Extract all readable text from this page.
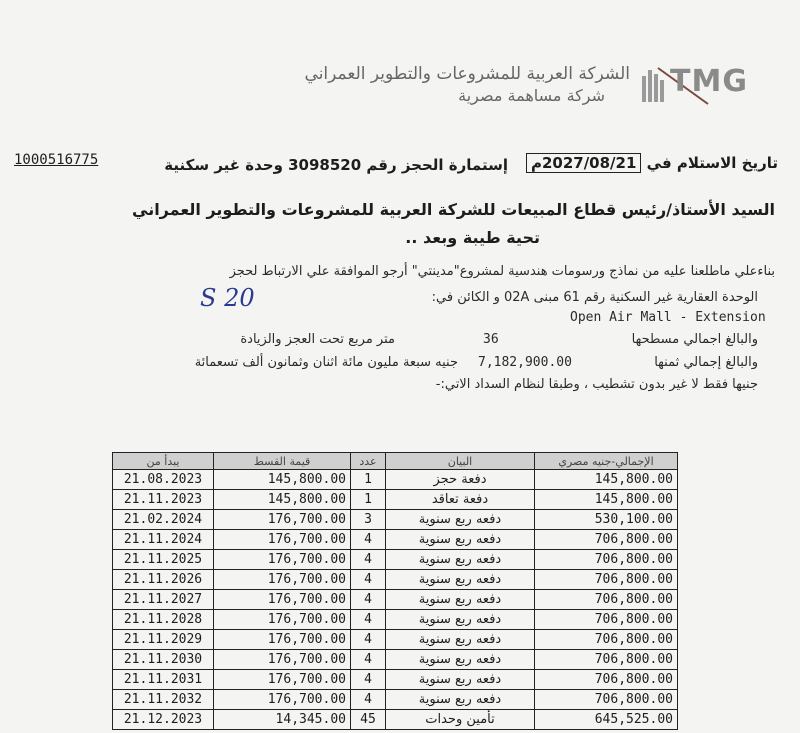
الشركة العربية للمشروعات والتطوير العمراني
شركة مساهمة مصرية TMG
1000516775	تاريخ الاستلام في 2027/08/21م
إستمارة الحجز رقم 3098520 وحدة غير سكنية
السيد الأستاذ/رئيس قطاع المبيعات للشركة العربية للمشروعات والتطوير العمراني
تحية طيبة وبعد ..
بناءعلي ماطلعنا عليه من نماذج ورسومات هندسية لمشروع"مدينتي" أرجو الموافقة علي الارتباط لحجز
الوحدة العقارية غير السكنية رقم 61 مبنى 02A و الكائن في:
S 20
Open Air Mall - Extension
والبالغ اجمالي مسطحها
36
متر مربع تحت العجز والزيادة
والبالغ إجمالي ثمنها
7,182,900.00
جنيه سبعة مليون مائة اثنان وثمانون ألف تسعمائة
جنيها فقط لا غير بدون تشطيب ، وطبقا لنظام السداد الاتي:-
يبدأ من	قيمة القسط	عدد	البيان	الإجمالي-جنيه مصري
21.08.2023	145,800.00	1	دفعة حجز	145,800.00
21.11.2023	145,800.00	1	دفعة تعاقد	145,800.00
21.02.2024	176,700.00	3	دفعه ربع سنوية	530,100.00
21.11.2024	176,700.00	4	دفعه ربع سنوية	706,800.00
21.11.2025	176,700.00	4	دفعه ربع سنوية	706,800.00
21.11.2026	176,700.00	4	دفعه ربع سنوية	706,800.00
21.11.2027	176,700.00	4	دفعه ربع سنوية	706,800.00
21.11.2028	176,700.00	4	دفعه ربع سنوية	706,800.00
21.11.2029	176,700.00	4	دفعه ربع سنوية	706,800.00
21.11.2030	176,700.00	4	دفعه ربع سنوية	706,800.00
21.11.2031	176,700.00	4	دفعه ربع سنوية	706,800.00
21.11.2032	176,700.00	4	دفعه ربع سنوية	706,800.00
21.12.2023	14,345.00	45	تأمين وحدات	645,525.00
